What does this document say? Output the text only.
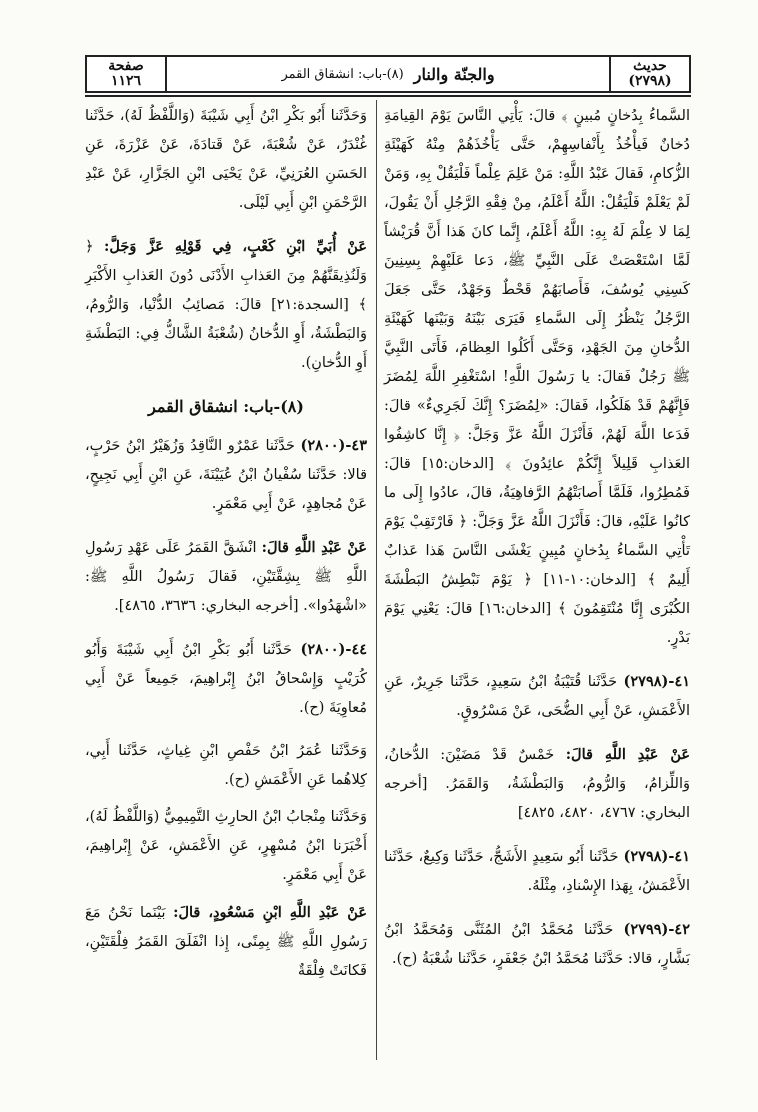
حديث
(٢٧٩٨)
والجنّة والنار
(٨)-باب: انشقاق القمر
صفحة
١١٢٦

السَّماءُ بِدُخانٍ مُبينٍ ﴾ قالَ: يَأْتِي النَّاسَ يَوْمَ القِيامَةِ دُخانٌ فَيأْخُذُ بِأَنْفاسِهِمْ، حَتَّى يَأْخُذَهُمْ مِنْهُ كَهَيْئَةِ الزُّكامِ، فَقالَ عَبْدُ اللَّهِ: مَنْ عَلِمَ عِلْماً فَلْيَقُلْ بِهِ، وَمَنْ لَمْ يَعْلَمْ فَلْيَقُلْ: اللَّهُ أَعْلَمُ، مِنْ فِقْهِ الرَّجُلِ أَنْ يَقُولَ، لِمَا لا عِلْمَ لَهُ بِهِ: اللَّهُ أَعْلَمُ، إِنَّما كانَ هَذا أَنَّ قُرَيْشاً لَمَّا اسْتَعْصَتْ عَلَى النَّبِيِّ ﷺ، دَعا عَلَيْهِمْ بِسِنِينَ كَسِنِي يُوسُفَ، فَأَصابَهُمْ قَحْطٌ وَجَهْدٌ، حَتَّى جَعَلَ الرَّجُلُ يَنْظُرُ إِلَى السَّماءِ فَيَرَى بَيْنَهُ وَبَيْنَها كَهَيْئَةِ الدُّخانِ مِنَ الجَهْدِ، وَحَتَّى أَكَلُوا العِظامَ، فَأَتَى النَّبِيَّ ﷺ رَجُلٌ فَقالَ: يا رَسُولَ اللَّهِ! اسْتَغْفِرِ اللَّهَ لِمُضَرَ فَإِنَّهُمْ قَدْ هَلَكُوا، فَقالَ: «لِمُضَرَ؟ إِنَّكَ لَجَرِيءٌ» قالَ: فَدَعا اللَّهَ لَهُمْ، فَأَنْزَلَ اللَّهُ عَزَّ وَجَلَّ: ﴿ إِنَّا كاشِفُوا العَذابِ قَلِيلاً إِنَّكُمْ عائِدُونَ ﴾ [الدخان:١٥] قالَ: فَمُطِرُوا، فَلَمَّا أَصابَتْهُمُ الرَّفاهِيَةُ، قالَ، عادُوا إِلَى ما كانُوا عَلَيْهِ، قالَ: فَأَنْزَلَ اللَّهُ عَزَّ وَجَلَّ: ﴿ فَارْتَقِبْ يَوْمَ تَأْتِي السَّماءُ بِدُخانٍ مُبِينٍ يَغْشَى النَّاسَ هَذا عَذابٌ أَلِيمٌ ﴾ [الدخان:١٠-١١] ﴿ يَوْمَ نَبْطِشُ البَطْشَةَ الكُبْرَى إِنَّا مُنْتَقِمُونَ ﴾ [الدخان:١٦] قالَ: يَعْنِي يَوْمَ بَدْرٍ.

٤١-(٢٧٩٨) حَدَّثَنا قُتَيْبَةُ ابْنُ سَعِيدٍ، حَدَّثَنا جَرِيرٌ، عَنِ الأَعْمَشِ، عَنْ أَبِي الضُّحَى، عَنْ مَسْرُوقٍ.

عَنْ عَبْدِ اللَّهِ قالَ: خَمْسٌ قَدْ مَضَيْنَ: الدُّخانُ، وَاللِّزامُ، وَالرُّومُ، وَالبَطْشَةُ، وَالقَمَرُ. [أخرجه البخاري: ٤٧٦٧، ٤٨٢٠، ٤٨٢٥]

٤١-(٢٧٩٨) حَدَّثَنا أَبُو سَعِيدٍ الأَشَجُّ، حَدَّثَنا وَكِيعٌ، حَدَّثَنا الأَعْمَشُ، بِهَذا الإِسْنادِ، مِثْلَهُ.

٤٢-(٢٧٩٩) حَدَّثَنا مُحَمَّدُ ابْنُ المُثَنَّى وَمُحَمَّدُ ابْنُ بَشَّارٍ، قالا: حَدَّثَنا مُحَمَّدُ ابْنُ جَعْفَرٍ، حَدَّثَنا شُعْبَةُ (ح).

وَحَدَّثَنا أَبُو بَكْرِ ابْنُ أَبِي شَيْبَةَ (وَاللَّفْظُ لَهُ)، حَدَّثَنا غُنْدَرٌ، عَنْ شُعْبَةَ، عَنْ قَتادَةَ، عَنْ عَزْرَةَ، عَنِ الحَسَنِ العُرَنِيِّ، عَنْ يَحْيَى ابْنِ الجَزَّارِ، عَنْ عَبْدِ الرَّحْمَنِ ابْنِ أَبِي لَيْلَى.

عَنْ أُبَيِّ ابْنِ كَعْبٍ، فِي قَوْلِهِ عَزَّ وَجَلَّ: ﴿ وَلَنُذِيقَنَّهُمْ مِنَ العَذابِ الأَدْنَى دُونَ العَذابِ الأَكْبَرِ ﴾ [السجدة:٢١] قالَ: مَصائِبُ الدُّنْيا، وَالرُّومُ، وَالبَطْشَةُ، أَوِ الدُّخانُ (شُعْبَةُ الشَّاكُّ فِي: البَطْشَةِ أَوِ الدُّخانِ).

(٨)-باب: انشقاق القمر

٤٣-(٢٨٠٠) حَدَّثَنا عَمْرٌو النَّاقِدُ وَزُهَيْرُ ابْنُ حَرْبٍ، قالا: حَدَّثَنا سُفْيانُ ابْنُ عُيَيْنَةَ، عَنِ ابْنِ أَبِي نَجِيحٍ، عَنْ مُجاهِدٍ، عَنْ أَبِي مَعْمَرٍ.

عَنْ عَبْدِ اللَّهِ قالَ: انْشَقَّ القَمَرُ عَلَى عَهْدِ رَسُولِ اللَّهِ ﷺ بِشِقَّتَيْنِ، فَقالَ رَسُولُ اللَّهِ ﷺ: «اشْهَدُوا». [أخرجه البخاري: ٣٦٣٦، ٤٨٦٥].

٤٤-(٢٨٠٠) حَدَّثَنا أَبُو بَكْرِ ابْنُ أَبِي شَيْبَةَ وَأَبُو كُرَيْبٍ وَإِسْحاقُ ابْنُ إِبْراهِيمَ، جَمِيعاً عَنْ أَبِي مُعاوِيَةَ (ح).

وَحَدَّثَنا عُمَرُ ابْنُ حَفْصِ ابْنِ غِياثٍ، حَدَّثَنا أَبِي، كِلاهُما عَنِ الأَعْمَشِ (ح).

وَحَدَّثَنا مِنْجابُ ابْنُ الحارِثِ التَّمِيمِيُّ (وَاللَّفْظُ لَهُ)، أَخْبَرَنا ابْنُ مُسْهِرٍ، عَنِ الأَعْمَشِ، عَنْ إِبْراهِيمَ، عَنْ أَبِي مَعْمَرٍ.

عَنْ عَبْدِ اللَّهِ ابْنِ مَسْعُودٍ، قالَ: بَيْنَما نَحْنُ مَعَ رَسُولِ اللَّهِ ﷺ بِمِنًى، إِذا انْفَلَقَ القَمَرُ فِلْقَتَيْنِ، فَكانَتْ فِلْقَةٌ
